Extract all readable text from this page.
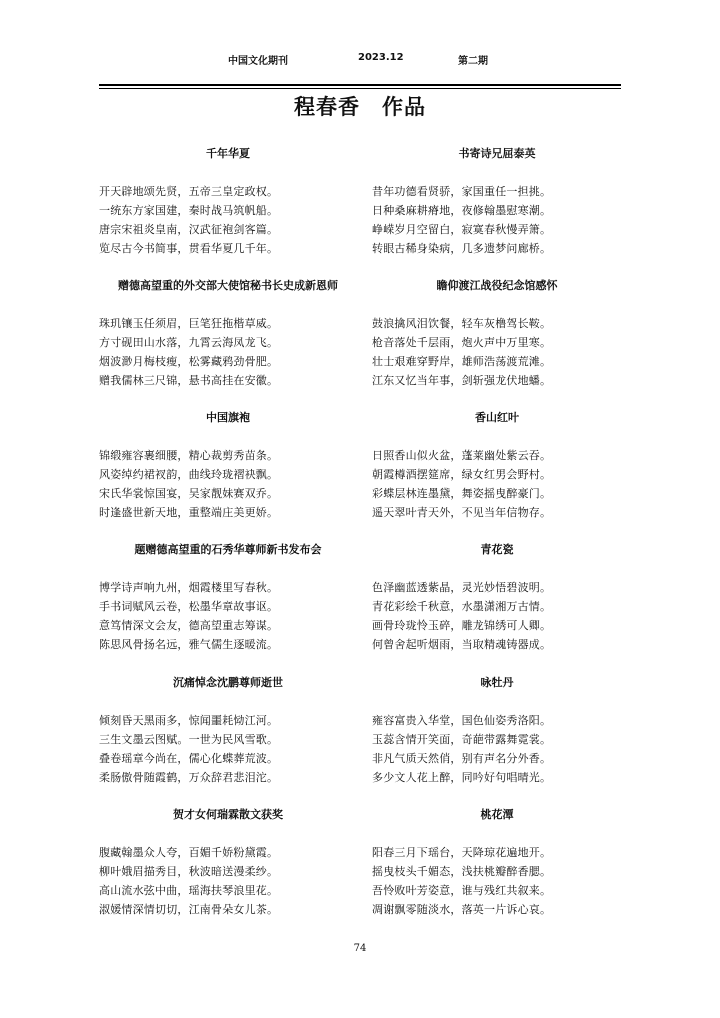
中国文化期刊	2023.12	第二期
程春香　作品
千年华夏
开天辟地颂先贤，五帝三皇定政权。
一统东方家国建，秦时战马筑帆船。
唐宗宋祖炎皇南，汉武征袍剑客篇。
览尽古今书简事，贯看华夏几千年。
赠德高望重的外交部大使馆秘书长史成新恩师
珠玑镶玉任须眉，巨笔狂拖楷草威。
方寸砚田山水落，九霄云海凤龙飞。
烟波渺月梅枝瘦，松雾藏鸦劲骨肥。
赠我儒林三尺锦，悬书高挂在安徽。
中国旗袍
锦缎雍容裹细腰，精心裁剪秀苗条。
风姿绰约裙衩韵，曲线玲珑褶袂飘。
宋氏华裳惊国宴，吴家靓妹赛双乔。
时逢盛世新天地，重整端庄美更娇。
题赠德高望重的石秀华尊师新书发布会
博学诗声响九州，烟霞楼里写春秋。
手书词赋风云卷，松墨华章故事讴。
意笃情深文会友，德高望重志筹谋。
陈思风骨扬名远，雅气儒生逐暖流。
沉痛悼念沈鹏尊师逝世
倾刻昏天黑雨多，惊闻噩耗恸江河。
三生文墨云图赋。一世为民风雪歌。
叠卷瑶章今尚在，儒心化蝶葬荒波。
柔肠傲骨随霞鹤，万众辞君悲泪沱。
贺才女何瑞霖散文获奖
腹藏翰墨众人夸，百媚千娇粉黛霞。
柳叶娥眉描秀目，秋波暗送漫柔纱。
高山流水弦中曲，瑶海扶琴浪里花。
淑媛情深情切切，江南骨朵女儿茶。
书寄诗兄屈泰英
昔年功德看贤骄，家国重任一担挑。
日种桑麻耕瘠地，夜修翰墨慰寒潮。
峥嵘岁月空留白，寂寞春秋慢弄箫。
转眼古稀身染病，几多遗梦问廊桥。
瞻仰渡江战役纪念馆感怀
鼓浪擒风泪饮餐，轻车灰橹驾长鞍。
枪音落处千层雨，炮火声中万里寒。
壮士艰难穿野岸，雄师浩荡渡荒滩。
江东又忆当年事，剑斩强龙伏地蟠。
香山红叶
日照香山似火盆，蓬莱幽处紫云吞。
朝霞樽酒摆筵席，绿女红男会野村。
彩蝶层林连墨黛，舞姿摇曳醉豪门。
遥天翠叶青天外，不见当年信物存。
青花瓷
色泽幽蓝透紫晶，灵光妙悟碧波明。
青花彩绘千秋意，水墨潇湘万古情。
画骨玲珑怜玉碎，雕龙锦绣可人卿。
何曾舍起听烟雨，当取精魂铸器成。
咏牡丹
雍容富贵入华堂，国色仙姿秀洛阳。
玉蕊含情开笑面，奇葩带露舞霓裳。
非凡气质天然俏，别有声名分外香。
多少文人花上醉，同吟好句唱晴光。
桃花潭
阳春三月下瑶台，天降琼花遍地开。
摇曳枝头千媚态，浅扶桃瓣醉香腮。
吾怜败叶芳姿意，谁与残红共叙来。
凋谢飘零随淡水，落英一片诉心哀。
74
